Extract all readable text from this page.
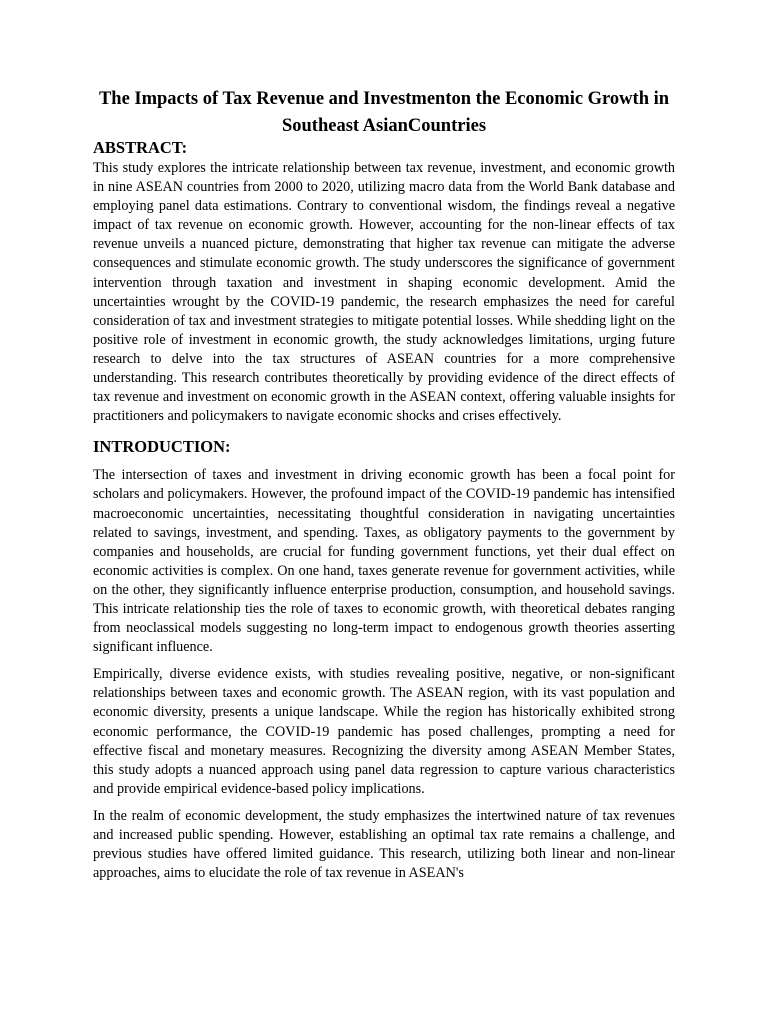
The Impacts of Tax Revenue and Investmenton the Economic Growth in Southeast AsianCountries
ABSTRACT:

This study explores the intricate relationship between tax revenue, investment, and economic growth in nine ASEAN countries from 2000 to 2020, utilizing macro data from the World Bank database and employing panel data estimations. Contrary to conventional wisdom, the findings reveal a negative impact of tax revenue on economic growth. However, accounting for the non-linear effects of tax revenue unveils a nuanced picture, demonstrating that higher tax revenue can mitigate the adverse consequences and stimulate economic growth. The study underscores the significance of government intervention through taxation and investment in shaping economic development. Amid the uncertainties wrought by the COVID-19 pandemic, the research emphasizes the need for careful consideration of tax and investment strategies to mitigate potential losses. While shedding light on the positive role of investment in economic growth, the study acknowledges limitations, urging future research to delve into the tax structures of ASEAN countries for a more comprehensive understanding. This research contributes theoretically by providing evidence of the direct effects of tax revenue and investment on economic growth in the ASEAN context, offering valuable insights for practitioners and policymakers to navigate economic shocks and crises effectively.

INTRODUCTION:

The intersection of taxes and investment in driving economic growth has been a focal point for scholars and policymakers. However, the profound impact of the COVID-19 pandemic has intensified macroeconomic uncertainties, necessitating thoughtful consideration in navigating uncertainties related to savings, investment, and spending. Taxes, as obligatory payments to the government by companies and households, are crucial for funding government functions, yet their dual effect on economic activities is complex. On one hand, taxes generate revenue for government activities, while on the other, they significantly influence enterprise production, consumption, and household savings. This intricate relationship ties the role of taxes to economic growth, with theoretical debates ranging from neoclassical models suggesting no long-term impact to endogenous growth theories asserting significant influence.

Empirically, diverse evidence exists, with studies revealing positive, negative, or non-significant relationships between taxes and economic growth. The ASEAN region, with its vast population and economic diversity, presents a unique landscape. While the region has historically exhibited strong economic performance, the COVID-19 pandemic has posed challenges, prompting a need for effective fiscal and monetary measures. Recognizing the diversity among ASEAN Member States, this study adopts a nuanced approach using panel data regression to capture various characteristics and provide empirical evidence-based policy implications.

In the realm of economic development, the study emphasizes the intertwined nature of tax revenues and increased public spending. However, establishing an optimal tax rate remains a challenge, and previous studies have offered limited guidance. This research, utilizing both linear and non-linear approaches, aims to elucidate the role of tax revenue in ASEAN's
